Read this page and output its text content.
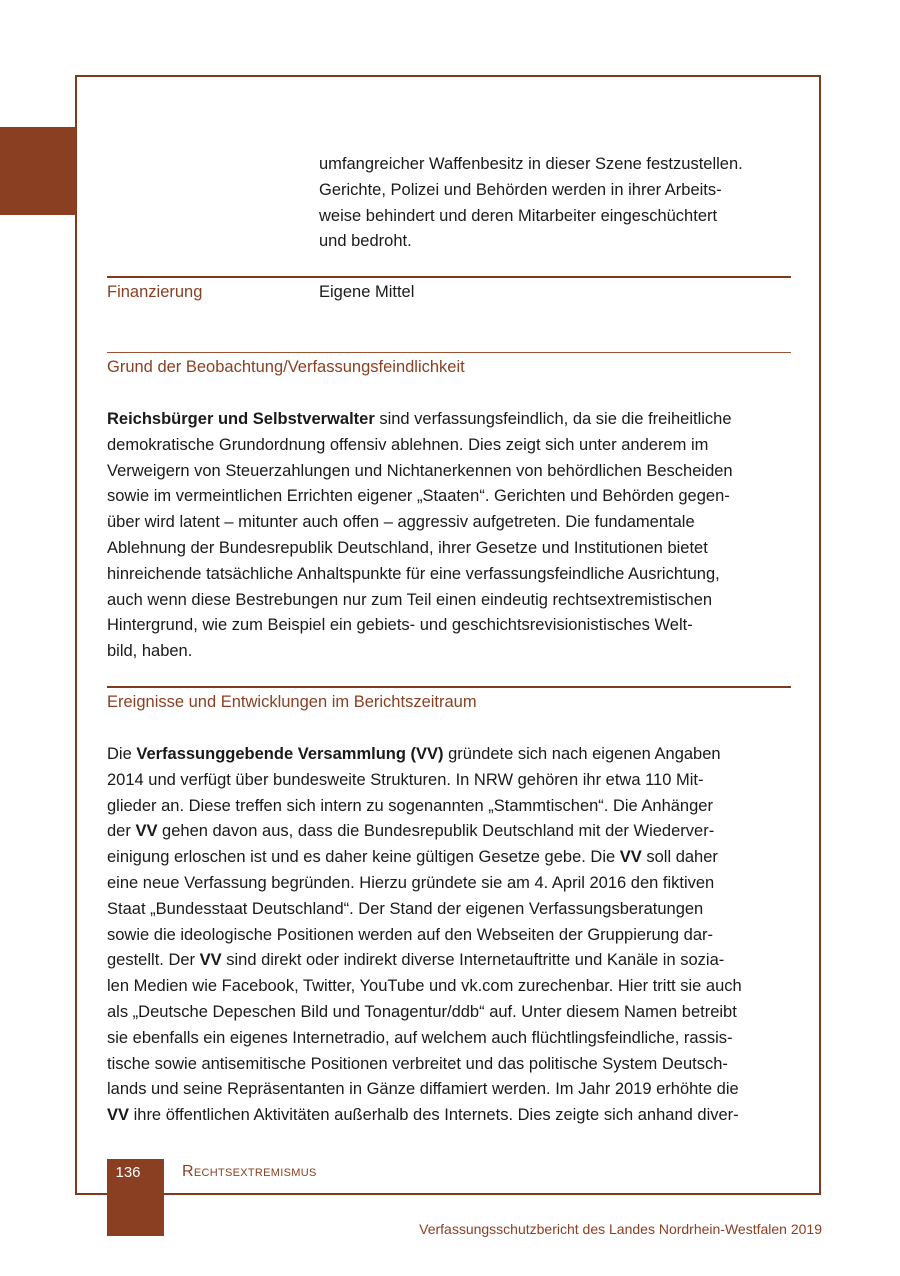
umfangreicher Waffenbesitz in dieser Szene festzustellen.

Gerichte, Polizei und Behörden werden in ihrer Arbeits-

weise behindert und deren Mitarbeiter eingeschüchtert

und bedroht.

Finanzierung	Eigene Mittel
Grund der Beobachtung/Verfassungsfeindlichkeit

Reichsbürger und Selbstverwalter sind verfassungsfeindlich, da sie die freiheitliche

demokratische Grundordnung offensiv ablehnen. Dies zeigt sich unter anderem im

Verweigern von Steuerzahlungen und Nichtanerkennen von behördlichen Bescheiden

sowie im vermeintlichen Errichten eigener „Staaten“. Gerichten und Behörden gegen-

über wird latent – mitunter auch offen – aggressiv aufgetreten. Die fundamentale

Ablehnung der Bundesrepublik Deutschland, ihrer Gesetze und Institutionen bietet

hinreichende tatsächliche Anhaltspunkte für eine verfassungsfeindliche Ausrichtung,

auch wenn diese Bestrebungen nur zum Teil einen eindeutig rechtsextremistischen

Hintergrund, wie zum Beispiel ein gebiets- und geschichtsrevisionistisches Welt-

bild, haben.

Ereignisse und Entwicklungen im Berichtszeitraum

Die Verfassunggebende Versammlung (VV) gründete sich nach eigenen Angaben

2014 und verfügt über bundesweite Strukturen. In NRW gehören ihr etwa 110 Mit-

glieder an. Diese treffen sich intern zu sogenannten „Stammtischen“. Die Anhänger

der VV gehen davon aus, dass die Bundesrepublik Deutschland mit der Wiederver-

einigung erloschen ist und es daher keine gültigen Gesetze gebe. Die VV soll daher

eine neue Verfassung begründen. Hierzu gründete sie am 4. April 2016 den fiktiven

Staat „Bundesstaat Deutschland“. Der Stand der eigenen Verfassungsberatungen

sowie die ideologische Positionen werden auf den Webseiten der Gruppierung dar-

gestellt. Der VV sind direkt oder indirekt diverse Internetauftritte und Kanäle in sozia-

len Medien wie Facebook, Twitter, YouTube und vk.com zurechenbar. Hier tritt sie auch

als „Deutsche Depeschen Bild und Tonagentur/ddb“ auf. Unter diesem Namen betreibt

sie ebenfalls ein eigenes Internetradio, auf welchem auch flüchtlingsfeindliche, rassis-

tische sowie antisemitische Positionen verbreitet und das politische System Deutsch-

lands und seine Repräsentanten in Gänze diffamiert werden. Im Jahr 2019 erhöhte die

VV ihre öffentlichen Aktivitäten außerhalb des Internets. Dies zeigte sich anhand diver-

136	Rechtsextremismus
Verfassungsschutzbericht des Landes Nordrhein-Westfalen 2019
